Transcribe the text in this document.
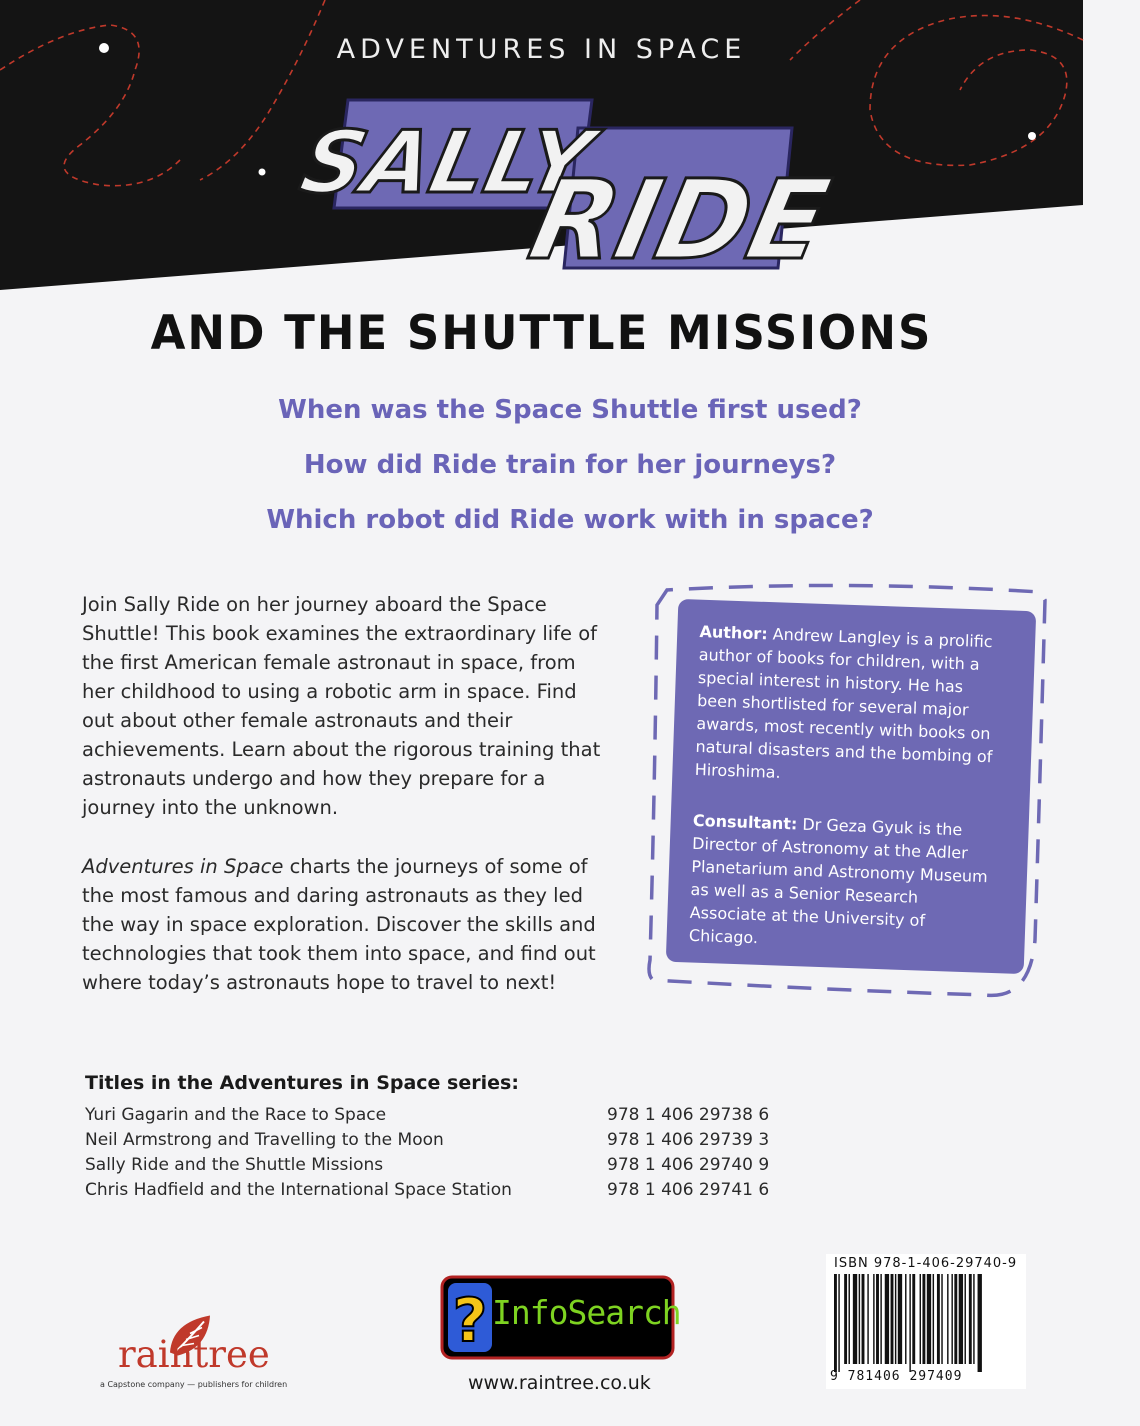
ADVENTURES IN SPACE
SALLY
RIDE
AND THE SHUTTLE MISSIONS
When was the Space Shuttle first used?
How did Ride train for her journeys?
Which robot did Ride work with in space?

Join Sally Ride on her journey aboard the Space Shuttle! This book examines the extraordinary life of the first American female astronaut in space, from her childhood to using a robotic arm in space. Find out about other female astronauts and their achievements. Learn about the rigorous training that astronauts undergo and how they prepare for a journey into the unknown.

Adventures in Space charts the journeys of some of the most famous and daring astronauts as they led the way in space exploration. Discover the skills and technologies that took them into space, and find out where today’s astronauts hope to travel to next!

Author: Andrew Langley is a prolific author of books for children, with a special interest in history. He has been shortlisted for several major awards, most recently with books on natural disasters and the bombing of Hiroshima.

Consultant: Dr Geza Gyuk is the Director of Astronomy at the Adler Planetarium and Astronomy Museum as well as a Senior Research Associate at the University of Chicago.

Titles in the Adventures in Space series:
Yuri Gagarin and the Race to Space	978 1 406 29738 6
Neil Armstrong and Travelling to the Moon	978 1 406 29739 3
Sally Ride and the Shuttle Missions	978 1 406 29740 9
Chris Hadfield and the International Space Station	978 1 406 29741 6
raintree
a Capstone company — publishers for children
? InfoSearch
www.raintree.co.uk
ISBN 978-1-406-29740-9
9 781406 297409
